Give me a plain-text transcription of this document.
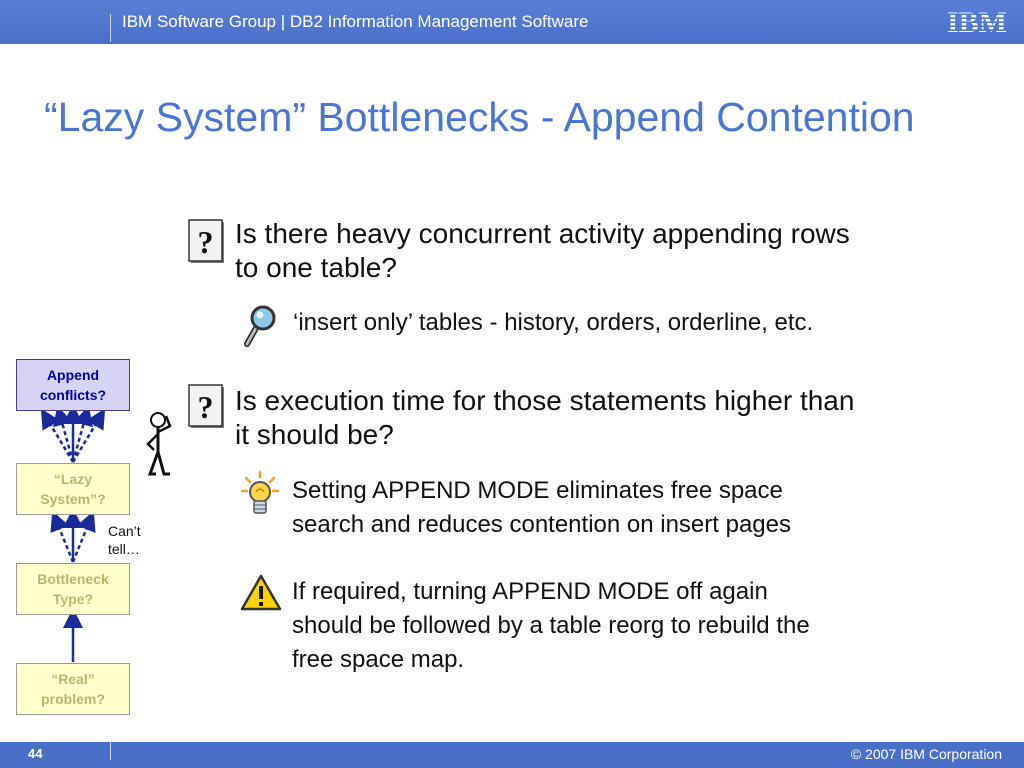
IBM Software Group | DB2 Information Management Software	IBM
“Lazy System” Bottlenecks - Append Contention
? Is there heavy concurrent activity appending rows
to one table?
‘insert only’ tables - history, orders, orderline, etc.
? Is execution time for those statements higher than
it should be?
Setting APPEND MODE eliminates free space
search and reduces contention on insert pages
If required, turning APPEND MODE off again
should be followed by a table reorg to rebuild the
free space map.
Append
conflicts?
“Lazy
System”?
Bottleneck
Type?
“Real”
problem?
Can’t
tell…
44	© 2007 IBM Corporation
